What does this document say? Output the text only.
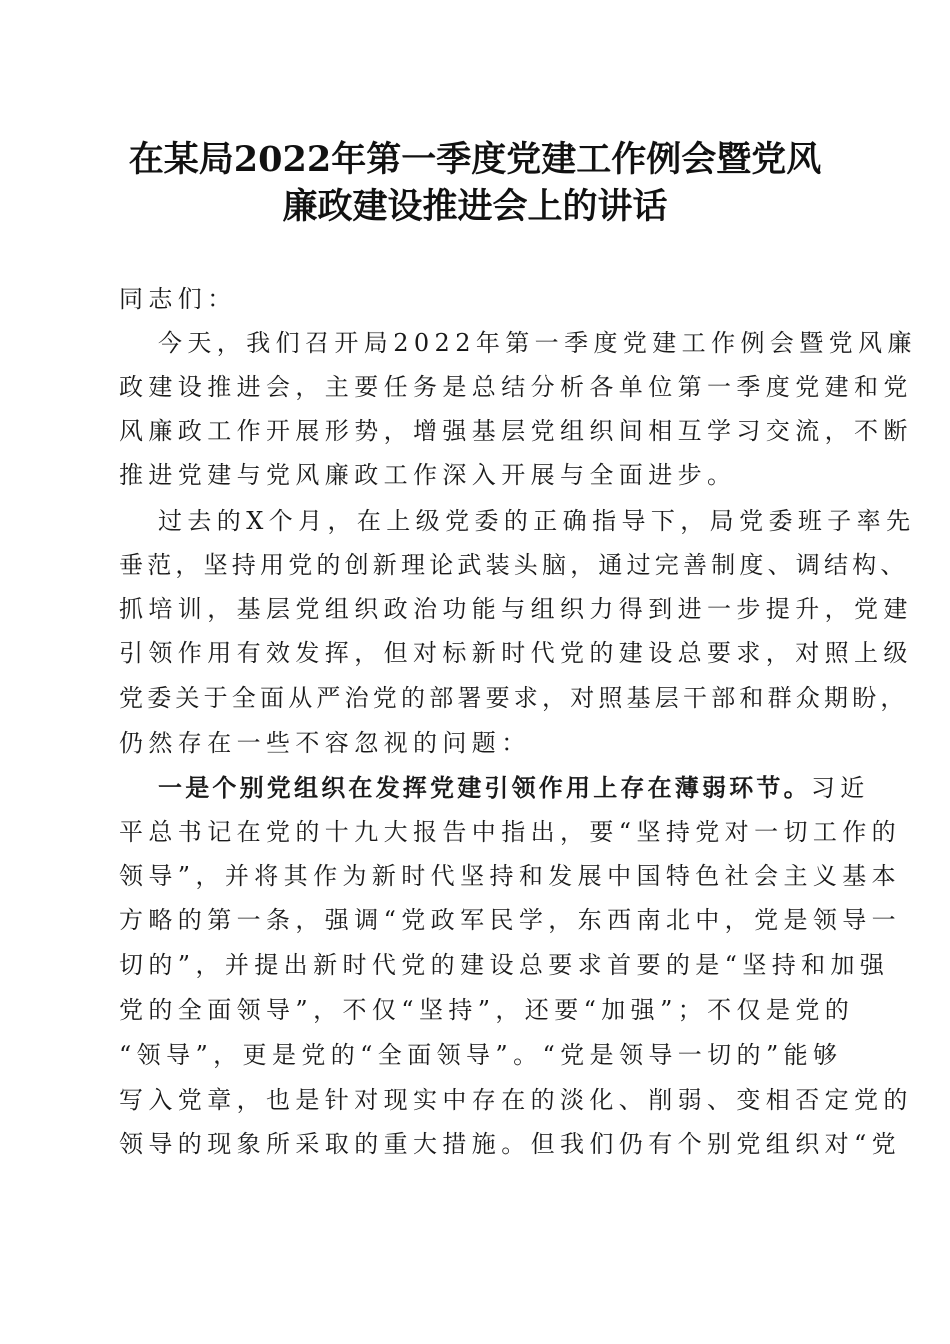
在某局2022年第一季度党建工作例会暨党风
廉政建设推进会上的讲话
同志们：
今天，我们召开局2022年第一季度党建工作例会暨党风廉
政建设推进会，主要任务是总结分析各单位第一季度党建和党
风廉政工作开展形势，增强基层党组织间相互学习交流，不断
推进党建与党风廉政工作深入开展与全面进步。
过去的X个月，在上级党委的正确指导下，局党委班子率先
垂范，坚持用党的创新理论武装头脑，通过完善制度、调结构、
抓培训，基层党组织政治功能与组织力得到进一步提升，党建
引领作用有效发挥，但对标新时代党的建设总要求，对照上级
党委关于全面从严治党的部署要求，对照基层干部和群众期盼，
仍然存在一些不容忽视的问题：
一是个别党组织在发挥党建引领作用上存在薄弱环节。习近
平总书记在党的十九大报告中指出，要“坚持党对一切工作的
领导”，并将其作为新时代坚持和发展中国特色社会主义基本
方略的第一条，强调“党政军民学，东西南北中，党是领导一
切的”，并提出新时代党的建设总要求首要的是“坚持和加强
党的全面领导”，不仅“坚持”，还要“加强”；不仅是党的
“领导”，更是党的“全面领导”。“党是领导一切的”能够
写入党章，也是针对现实中存在的淡化、削弱、变相否定党的
领导的现象所采取的重大措施。但我们仍有个别党组织对“党
